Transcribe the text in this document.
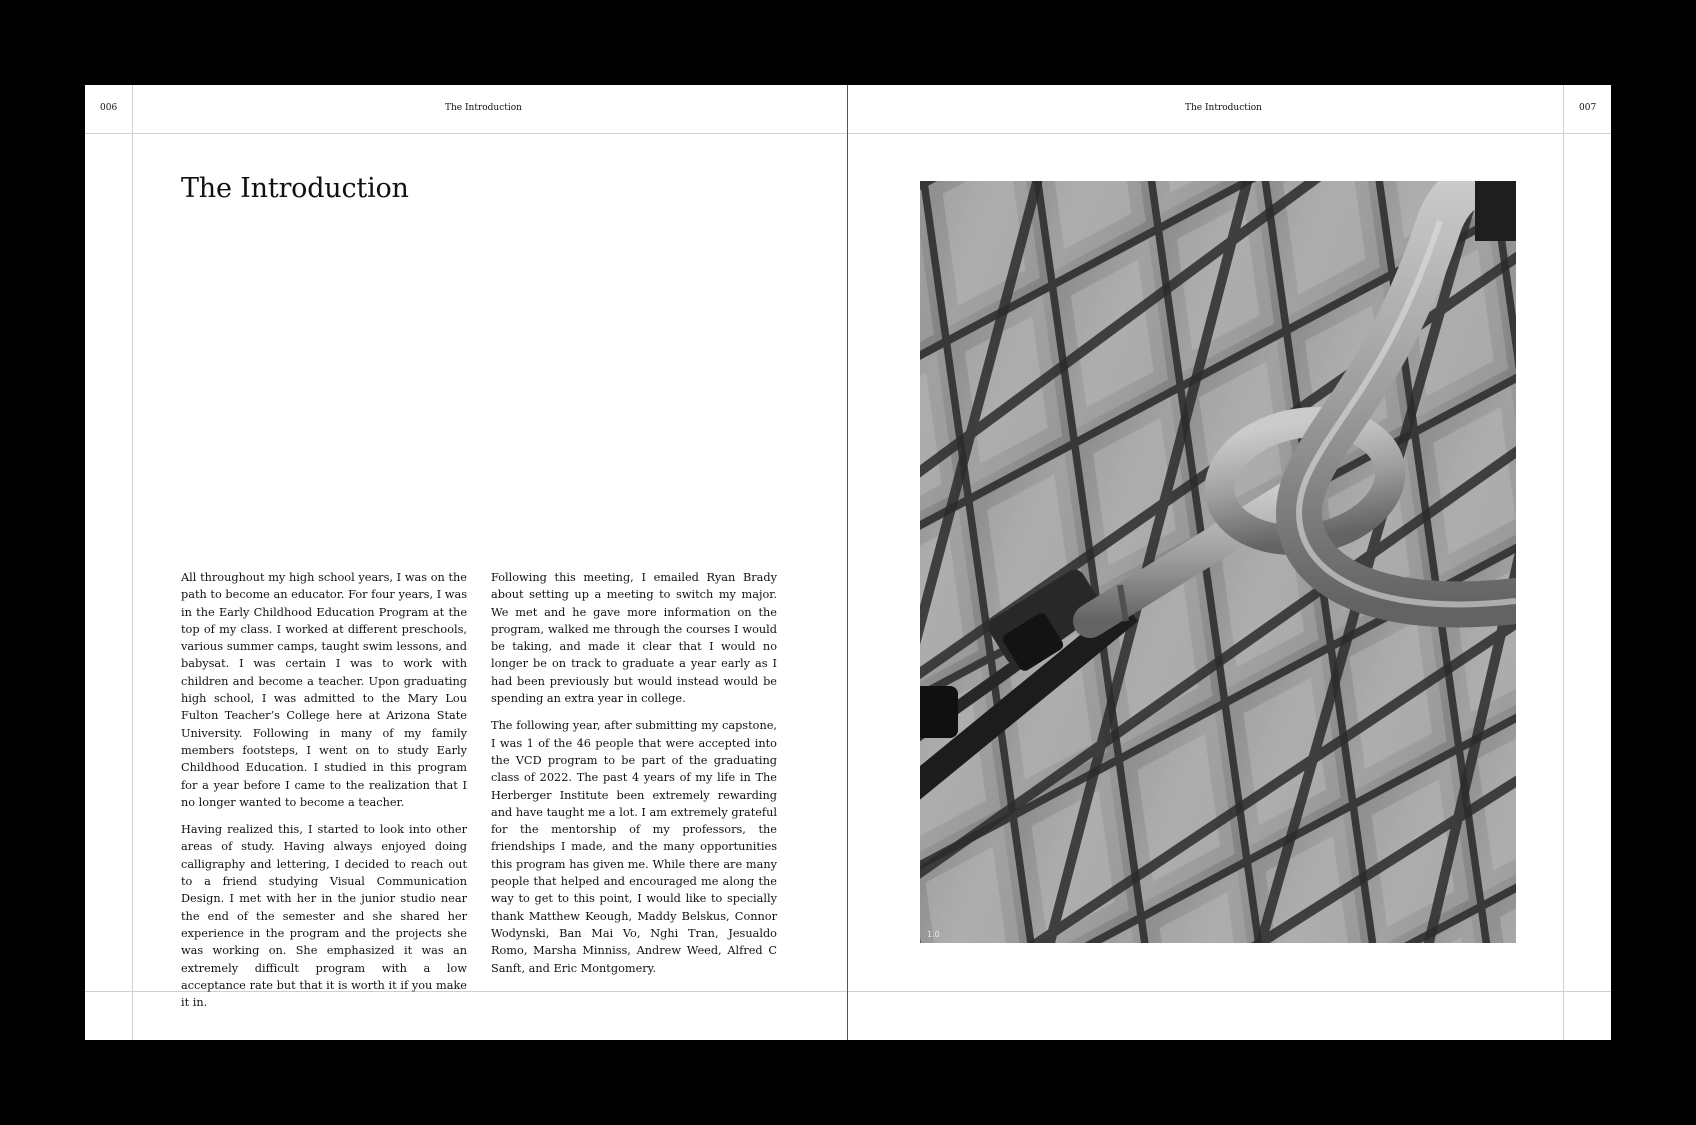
006	The Introduction	The Introduction	007
The Introduction

All throughout my high school years, I was on the path to become an educator. For four years, I was in the Early Childhood Education Program at the top of my class. I worked at different preschools, various summer camps, taught swim lessons, and babysat. I was certain I was to work with children and become a teacher. Upon graduating high school, I was admitted to the Mary Lou Fulton Teacher’s College here at Arizona State University. Following in many of my family members footsteps, I went on to study Early Childhood Education. I studied in this program for a year before I came to the realization that I no longer wanted to become a teacher.

Having realized this, I started to look into other areas of study. Having always enjoyed doing calligraphy and lettering, I decided to reach out to a friend studying Visual Communication Design. I met with her in the junior studio near the end of the semester and she shared her experience in the program and the projects she was working on. She emphasized it was an extremely difficult program with a low acceptance rate but that it is worth it if you make it in.

Following this meeting, I emailed Ryan Brady about setting up a meeting to switch my major. We met and he gave more information on the program, walked me through the courses I would be taking, and made it clear that I would no longer be on track to graduate a year early as I had been previously but would instead would be spending an extra year in college.

The following year, after submitting my capstone, I was 1 of the 46 people that were accepted into the VCD program to be part of the graduating class of 2022. The past 4 years of my life in The Herberger Institute been extremely rewarding and have taught me a lot. I am extremely grateful for the mentorship of my professors, the friendships I made, and the many opportunities this program has given me. While there are many people that helped and encouraged me along the way to get to this point, I would like to specially thank Matthew Keough, Maddy Belskus, Connor Wodynski, Ban Mai Vo, Nghi Tran, Jesualdo Romo, Marsha Minniss, Andrew Weed, Alfred C Sanft, and Eric Montgomery.

1.0
